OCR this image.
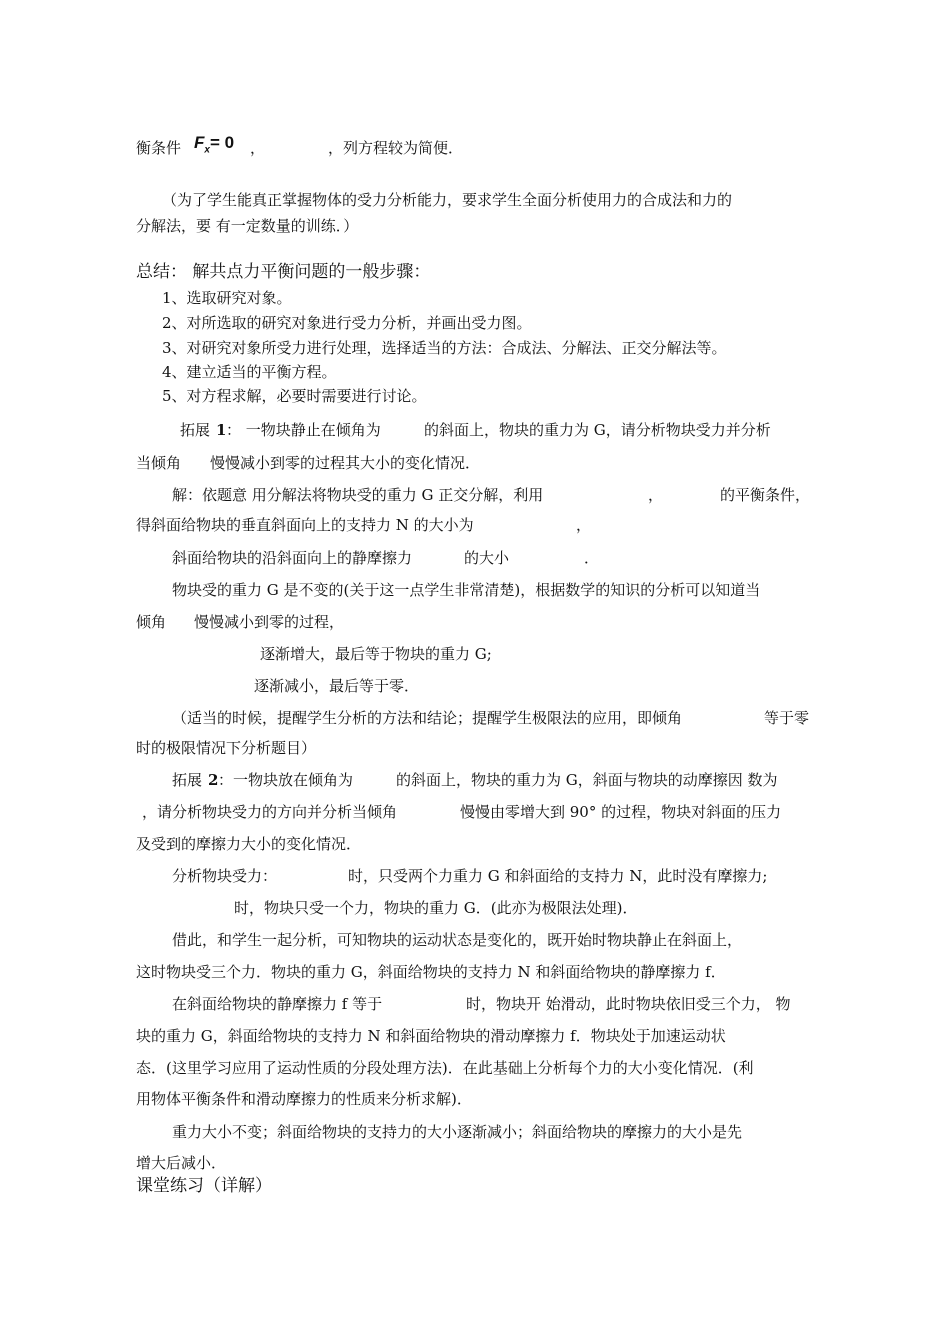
衡条件 $F_x= 0$ ，	，列方程较为简便．
（为了学生能真正掌握物体的受力分析能力，要求学生全面分析使用力的合成法和力的
分解法，要 有一定数量的训练．）
总结： 解共点力平衡问题的一般步骤：
1、选取研究对象。
2、对所选取的研究对象进行受力分析，并画出受力图。
3、对研究对象所受力进行处理，选择适当的方法：合成法、分解法、正交分解法等。
4、建立适当的平衡方程。
5、对方程求解，必要时需要进行讨论。
拓展 1 ： 一物块静止在倾角为	的斜面上，物块的重力为 G，请分析物块受力并分析
当倾角 慢慢减小到零的过程其大小的变化情况．
解：依题意 用分解法将物块受的重力 G 正交分解，利用	，	的平衡条件，
得斜面给物块的垂直斜面向上的支持力 N 的大小为	，
斜面给物块的沿斜面向上的静摩擦力	的大小	．
物块受的重力 G 是不变的(关于这一点学生非常清楚)，根据数学的知识的分析可以知道当
倾角 慢慢减小到零的过程，
逐渐增大，最后等于物块的重力 G;
逐渐减小，最后等于零．
（适当的时候，提醒学生分析的方法和结论；提醒学生极限法的应用，即倾角	等于零
时的极限情况下分析题目）
拓展 2 ：一物块放在倾角为	的斜面上，物块的重力为 G，斜面与物块的动摩擦因 数为
，请分析物块受力的方向并分析当倾角	慢慢由零增大到 90° 的过程，物块对斜面的压力
及受到的摩擦力大小的变化情况．
分析物块受力：	时，只受两个力重力 G 和斜面给的支持力 N，此时没有摩擦力;
时，物块只受一个力，物块的重力 G．(此亦为极限法处理)．
借此，和学生一起分析，可知物块的运动状态是变化的，既开始时物块静止在斜面上，
这时物块受三个力．物块的重力 G，斜面给物块的支持力 N 和斜面给物块的静摩擦力 f．
在斜面给物块的静摩擦力 f 等于	时，物块开 始滑动，此时物块依旧受三个力， 物
块的重力 G，斜面给物块的支持力 N 和斜面给物块的滑动摩擦力 f．物块处于加速运动状
态．(这里学习应用了运动性质的分段处理方法)．在此基础上分析每个力的大小变化情况．(利
用物体平衡条件和滑动摩擦力的性质来分析求解)．
重力大小不变；斜面给物块的支持力的大小逐渐减小；斜面给物块的摩擦力的大小是先
增大后减小．
课堂练习（详解）
